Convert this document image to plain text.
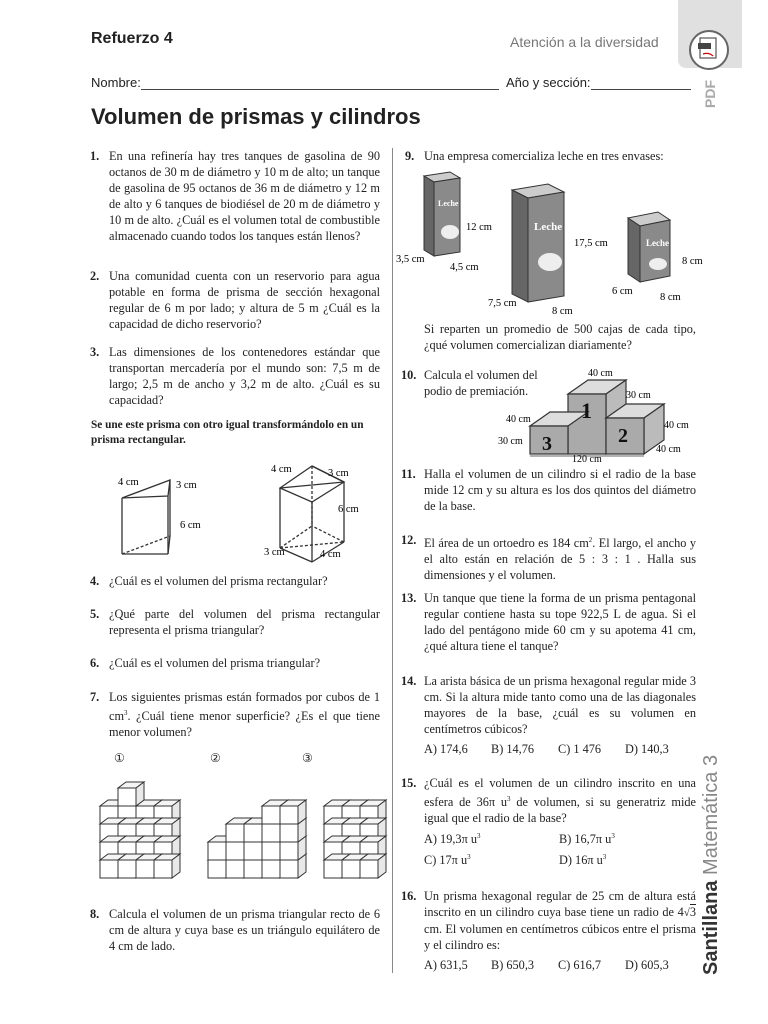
PDF
Santillana Matemática 3
Refuerzo 4	Atención a la diversidad
Nombre:	Año y sección:
Volumen de prismas y cilindros
1. En una refinería hay tres tanques de gasolina de 90 octanos de 30 m de diámetro y 10 m de alto; un tanque de gasolina de 95 octanos de 36 m de diámetro y 12 m de alto y 6 tanques de biodiésel de 20 m de diámetro y 10 m de alto. ¿Cuál es el volumen total de combustible almacenado cuando todos los tanques están llenos?
2. Una comunidad cuenta con un reservorio para agua potable en forma de prisma de sección hexagonal regular de 6 m por lado; y altura de 5 m ¿Cuál es la capacidad de dicho reservorio?
3. Las dimensiones de los contenedores estándar que transportan mercadería por el mundo son: 7,5 m de largo; 2,5 m de ancho y 3,2 m de alto. ¿Cuál es su capacidad?
Se une este prisma con otro igual transformándolo en un prisma rectangular.
4 cm	3 cm
6 cm
4 cm	3 cm
6 cm
3 cm	4 cm
4. ¿Cuál es el volumen del prisma rectangular?
5. ¿Qué parte del volumen del prisma rectangular representa el prisma triangular?
6. ¿Cuál es el volumen del prisma triangular?
7. Los siguientes prismas están formados por cubos de 1 $cm^3$. ¿Cuál tiene menor superficie? ¿Es el que tiene menor volumen?
①	②	③
8. Calcula el volumen de un prisma triangular recto de 6 cm de altura y cuya base es un triángulo equilátero de 4 cm de lado.
9. Una empresa comercializa leche en tres envases:
Leche
12 cm
3,5 cm
4,5 cm
Leche
17,5 cm
7,5 cm
8 cm
Leche
8 cm
6 cm
8 cm
Si reparten un promedio de 500 cajas de cada tipo, ¿qué volumen comercializan diariamente?
10. Calcula el volumen del podio de premiación.
1
2
3
40 cm
30 cm
40 cm
30 cm
40 cm
40 cm
120 cm
11. Halla el volumen de un cilindro si el radio de la base mide 12 cm y su altura es los dos quintos del diámetro de la base.
12. El área de un ortoedro es 184 $cm^2$. El largo, el ancho y el alto están en relación de 5 : 3 : 1 . Halla sus dimensiones y el volumen.
13. Un tanque que tiene la forma de un prisma pentagonal regular contiene hasta su tope 922,5 L de agua. Si el lado del pentágono mide 60 cm y su apotema 41 cm, ¿qué altura tiene el tanque?
14. La arista básica de un prisma hexagonal regular mide 3 cm. Si la altura mide tanto como una de las diagonales mayores de la base, ¿cuál es su volumen en centímetros cúbicos?
A) 174,6 B) 14,76 C) 1 476 D) 140,3
15. ¿Cuál es el volumen de un cilindro inscrito en una esfera de 36π $u^3$ de volumen, si su generatriz mide igual que el radio de la base?
A) 19,3π $u^3$	B) 16,7π $u^3$
C) 17π $u^3$	D) 16π $u^3$
16. Un prisma hexagonal regular de 25 cm de altura está inscrito en un cilindro cuya base tiene un radio de 4√3 cm. El volumen en centímetros cúbicos entre el prisma y el cilindro es:
A) 631,5 B) 650,3 C) 616,7 D) 605,3
